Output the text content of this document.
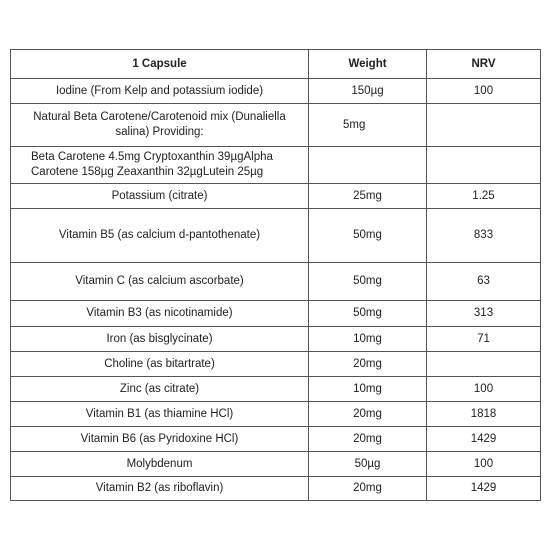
1 Capsule	Weight	NRV
Iodine (From Kelp and potassium iodide)	150µg	100
Natural Beta Carotene/Carotenoid mix (Dunaliella salina) Providing:	5mg	
Beta Carotene 4.5mg Cryptoxanthin 39µgAlpha Carotene 158µg Zeaxanthin 32µgLutein 25µg		
Potassium (citrate)	25mg	1.25
Vitamin B5 (as calcium d-pantothenate)	50mg	833
Vitamin C (as calcium ascorbate)	50mg	63
Vitamin B3 (as nicotinamide)	50mg	313
Iron (as bisglycinate)	10mg	71
Choline (as bitartrate)	20mg	
Zinc (as citrate)	10mg	100
Vitamin B1 (as thiamine HCl)	20mg	1818
Vitamin B6 (as Pyridoxine HCl)	20mg	1429
Molybdenum	50µg	100
Vitamin B2 (as riboflavin)	20mg	1429
